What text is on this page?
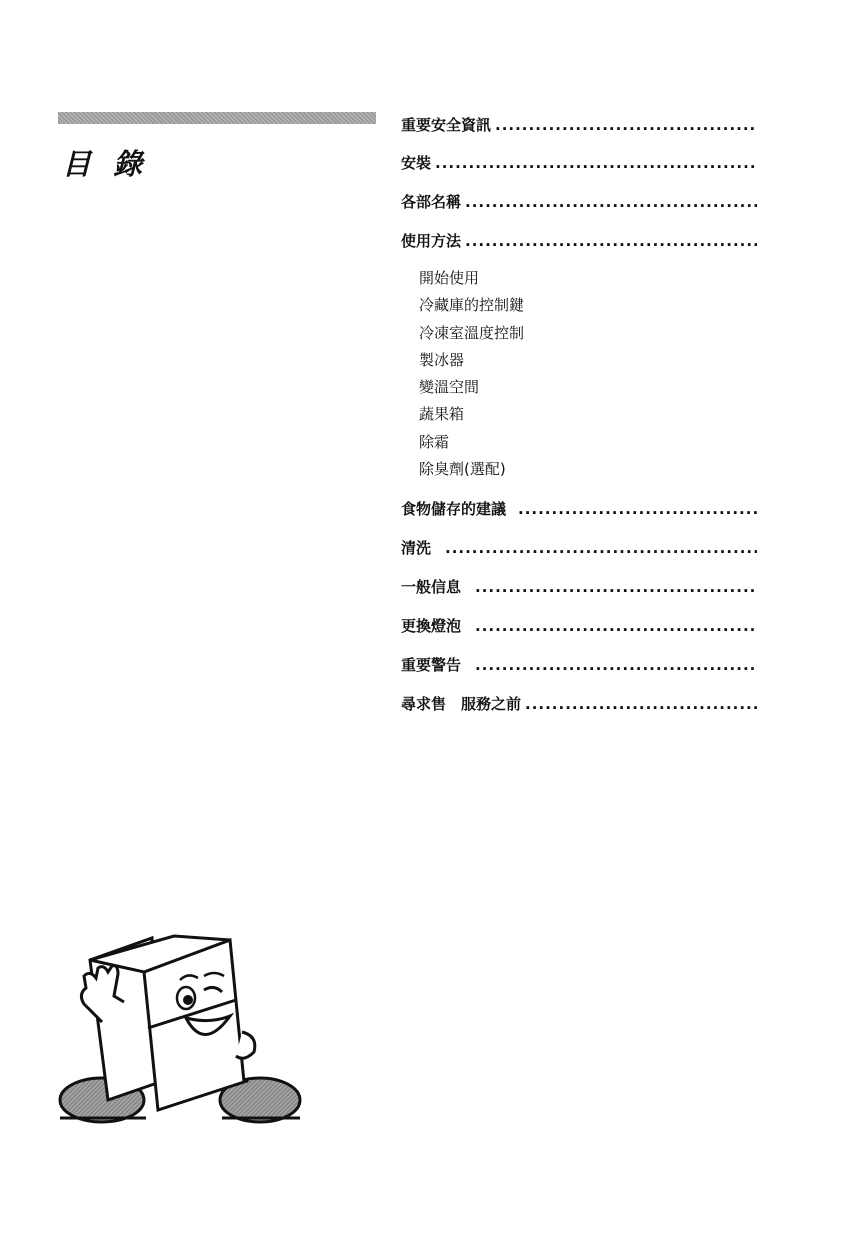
目 錄
重要安全資訊
.....
安裝
.....
各部名稱
.....
使用方法
.....
開始使用
冷藏庫的控制鍵
冷凍室溫度控制
製冰器
變溫空間
蔬果箱
除霜
除臭劑(選配)
食物儲存的建議
.....
清洗
.....
一般信息
.....
更換燈泡
.....
重要警告
.....
尋求售　服務之前
.....
